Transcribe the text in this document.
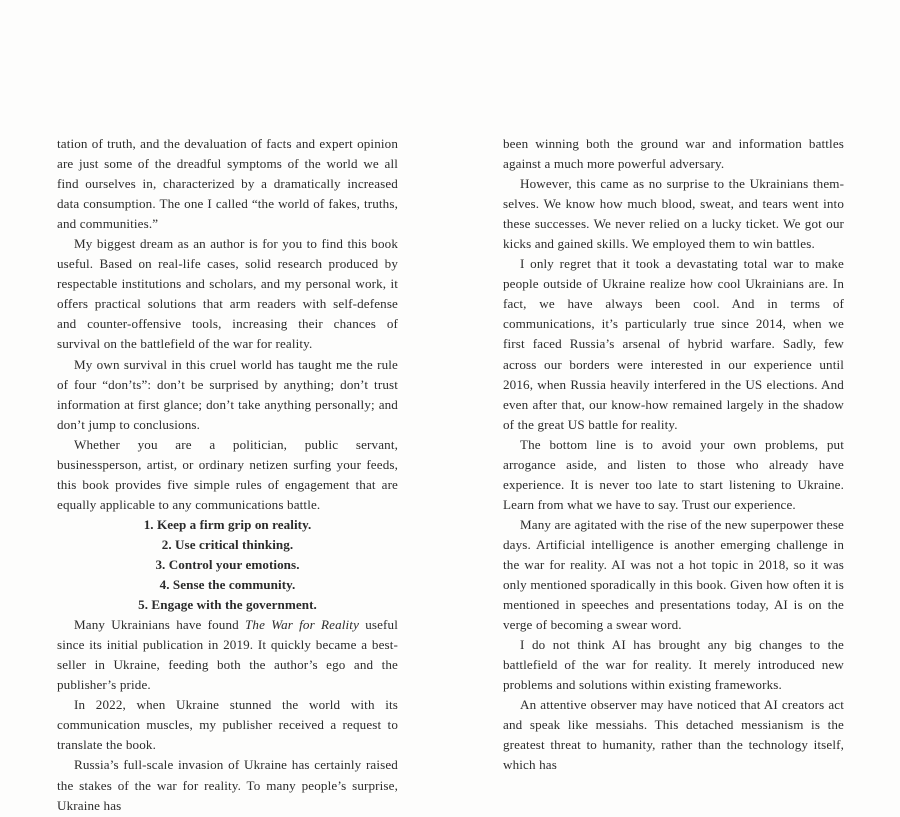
tation of truth, and the devaluation of facts and expert opinion are just some of the dreadful symptoms of the world we all find ourselves in, characterized by a dramatically increased data consumption. The one I called “the world of fakes, truths, and communities.”

My biggest dream as an author is for you to find this book useful. Based on real-life cases, solid research produced by respectable institutions and scholars, and my personal work, it offers practical solutions that arm readers with self-defense and counter-offensive tools, increasing their chances of survival on the battlefield of the war for reality.

My own survival in this cruel world has taught me the rule of four “don’ts”: don’t be surprised by anything; don’t trust information at first glance; don’t take anything personally; and don’t jump to conclusions.

Whether you are a politician, public servant, businessperson, artist, or ordinary netizen surfing your feeds, this book provides five simple rules of engagement that are equally applicable to any communications battle.

1. Keep a firm grip on reality.
2. Use critical thinking.
3. Control your emotions.
4. Sense the community.
5. Engage with the government.

Many Ukrainians have found The War for Reality useful since its initial publication in 2019. It quickly became a best-seller in Ukraine, feeding both the author’s ego and the publisher’s pride.

In 2022, when Ukraine stunned the world with its communication muscles, my publisher received a request to translate the book.

Russia’s full-scale invasion of Ukraine has certainly raised the stakes of the war for reality. To many people’s surprise, Ukraine has

been winning both the ground war and information battles against a much more powerful adversary.

However, this came as no surprise to the Ukrainians themselves. We know how much blood, sweat, and tears went into these successes. We never relied on a lucky ticket. We got our kicks and gained skills. We employed them to win battles.

I only regret that it took a devastating total war to make people outside of Ukraine realize how cool Ukrainians are. In fact, we have always been cool. And in terms of communications, it’s particularly true since 2014, when we first faced Russia’s arsenal of hybrid warfare. Sadly, few across our borders were interested in our experience until 2016, when Russia heavily interfered in the US elections. And even after that, our know-how remained largely in the shadow of the great US battle for reality.

The bottom line is to avoid your own problems, put arrogance aside, and listen to those who already have experience. It is never too late to start listening to Ukraine. Learn from what we have to say. Trust our experience.

Many are agitated with the rise of the new superpower these days. Artificial intelligence is another emerging challenge in the war for reality. AI was not a hot topic in 2018, so it was only mentioned sporadically in this book. Given how often it is mentioned in speeches and presentations today, AI is on the verge of becoming a swear word.

I do not think AI has brought any big changes to the battlefield of the war for reality. It merely introduced new problems and solutions within existing frameworks.

An attentive observer may have noticed that AI creators act and speak like messiahs. This detached messianism is the greatest threat to humanity, rather than the technology itself, which has
